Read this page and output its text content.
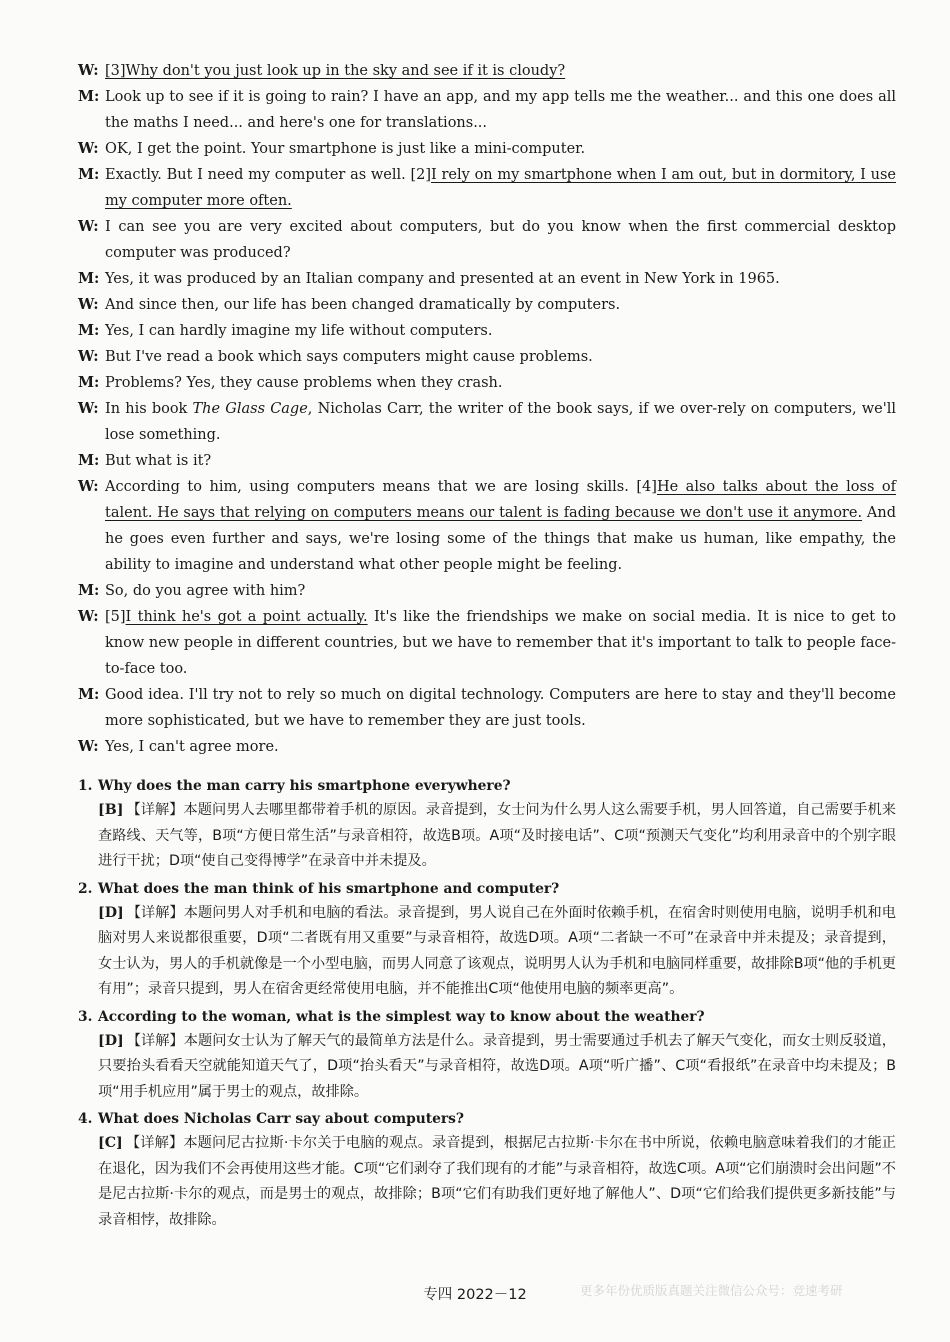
W: [3]Why don't you just look up in the sky and see if it is cloudy?
M: Look up to see if it is going to rain? I have an app, and my app tells me the weather... and this one does all the maths I need... and here's one for translations...
W: OK, I get the point. Your smartphone is just like a mini-computer.
M: Exactly. But I need my computer as well. [2]I rely on my smartphone when I am out, but in dormitory, I use my computer more often.
W: I can see you are very excited about computers, but do you know when the first commercial desktop computer was produced?
M: Yes, it was produced by an Italian company and presented at an event in New York in 1965.
W: And since then, our life has been changed dramatically by computers.
M: Yes, I can hardly imagine my life without computers.
W: But I've read a book which says computers might cause problems.
M: Problems? Yes, they cause problems when they crash.
W: In his book The Glass Cage, Nicholas Carr, the writer of the book says, if we over-rely on computers, we'll lose something.
M: But what is it?
W: According to him, using computers means that we are losing skills. [4]He also talks about the loss of talent. He says that relying on computers means our talent is fading because we don't use it anymore. And he goes even further and says, we're losing some of the things that make us human, like empathy, the ability to imagine and understand what other people might be feeling.
M: So, do you agree with him?
W: [5]I think he's got a point actually. It's like the friendships we make on social media. It is nice to get to know new people in different countries, but we have to remember that it's important to talk to people face-to-face too.
M: Good idea. I'll try not to rely so much on digital technology. Computers are here to stay and they'll become more sophisticated, but we have to remember they are just tools.
W: Yes, I can't agree more.
1. Why does the man carry his smartphone everywhere?
[B] 【详解】本题问男人去哪里都带着手机的原因。录音提到，女士问为什么男人这么需要手机，男人回答道，自己需要手机来查路线、天气等，B项“方便日常生活”与录音相符，故选B项。A项“及时接电话”、C项“预测天气变化”均利用录音中的个别字眼进行干扰；D项“使自己变得博学”在录音中并未提及。
2. What does the man think of his smartphone and computer?
[D] 【详解】本题问男人对手机和电脑的看法。录音提到，男人说自己在外面时依赖手机，在宿舍时则使用电脑，说明手机和电脑对男人来说都很重要，D项“二者既有用又重要”与录音相符，故选D项。A项“二者缺一不可”在录音中并未提及；录音提到，女士认为，男人的手机就像是一个小型电脑，而男人同意了该观点，说明男人认为手机和电脑同样重要，故排除B项“他的手机更有用”；录音只提到，男人在宿舍更经常使用电脑，并不能推出C项“他使用电脑的频率更高”。
3. According to the woman, what is the simplest way to know about the weather?
[D] 【详解】本题问女士认为了解天气的最简单方法是什么。录音提到，男士需要通过手机去了解天气变化，而女士则反驳道，只要抬头看看天空就能知道天气了，D项“抬头看天”与录音相符，故选D项。A项“听广播”、C项“看报纸”在录音中均未提及；B项“用手机应用”属于男士的观点，故排除。
4. What does Nicholas Carr say about computers?
[C] 【详解】本题问尼古拉斯·卡尔关于电脑的观点。录音提到，根据尼古拉斯·卡尔在书中所说，依赖电脑意味着我们的才能正在退化，因为我们不会再使用这些才能。C项“它们剥夺了我们现有的才能”与录音相符，故选C项。A项“它们崩溃时会出问题”不是尼古拉斯·卡尔的观点，而是男士的观点，故排除；B项“它们有助我们更好地了解他人”、D项“它们给我们提供更多新技能”与录音相悖，故排除。
专四 2022－12	更多年份优质版真题关注微信公众号：竞速考研
